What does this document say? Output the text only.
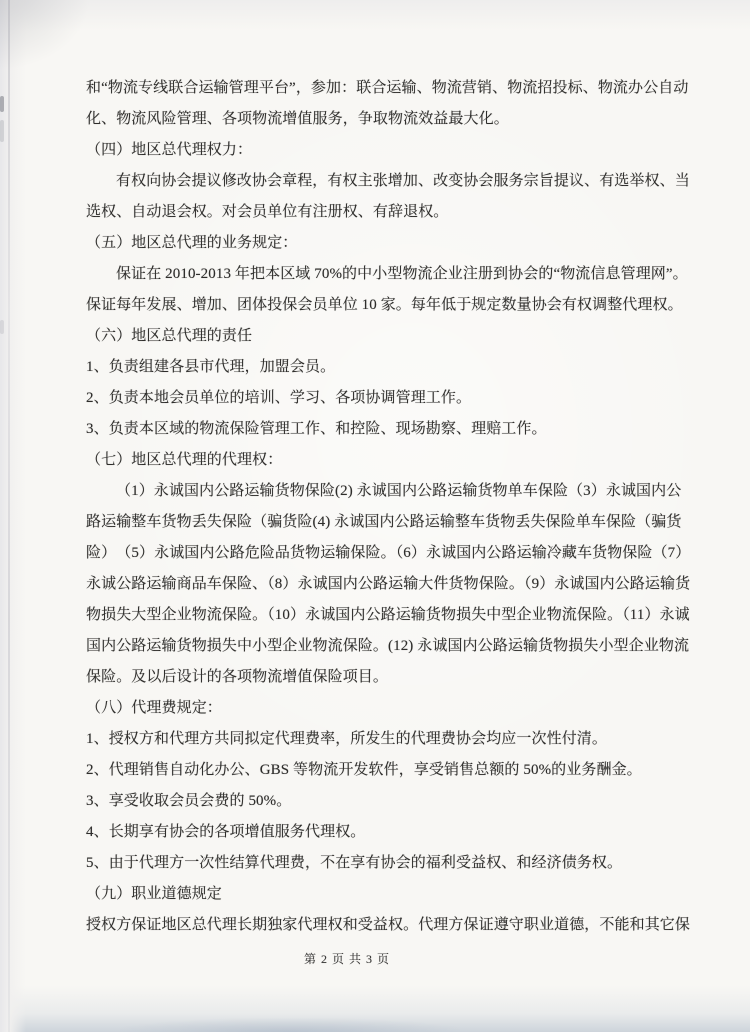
和“物流专线联合运输管理平台”，参加：联合运输、物流营销、物流招投标、物流办公自动

化、物流风险管理、各项物流增值服务，争取物流效益最大化。

（四）地区总代理权力：

有权向协会提议修改协会章程，有权主张增加、改变协会服务宗旨提议、有选举权、当

选权、自动退会权。对会员单位有注册权、有辞退权。

（五）地区总代理的业务规定：

保证在 2010-2013 年把本区域 70%的中小型物流企业注册到协会的“物流信息管理网”。

保证每年发展、增加、团体投保会员单位 10 家。每年低于规定数量协会有权调整代理权。

（六）地区总代理的责任

1、负责组建各县市代理，加盟会员。

2、负责本地会员单位的培训、学习、各项协调管理工作。

3、负责本区域的物流保险管理工作、和控险、现场勘察、理赔工作。

（七）地区总代理的代理权：

（1）永诚国内公路运输货物保险(2) 永诚国内公路运输货物单车保险（3）永诚国内公

路运输整车货物丢失保险（骗货险(4) 永诚国内公路运输整车货物丢失保险单车保险（骗货

险）　（5）永诚国内公路危险品货物运输保险。（6）永诚国内公路运输冷藏车货物保险（7）

永诚公路运输商品车保险、（8）永诚国内公路运输大件货物保险。（9）永诚国内公路运输货

物损失大型企业物流保险。（10）永诚国内公路运输货物损失中型企业物流保险。（11）永诚

国内公路运输货物损失中小型企业物流保险。(12) 永诚国内公路运输货物损失小型企业物流

保险。及以后设计的各项物流增值保险项目。

（八）代理费规定：

1、授权方和代理方共同拟定代理费率，所发生的代理费协会均应一次性付清。

2、代理销售自动化办公、GBS 等物流开发软件，享受销售总额的 50%的业务酬金。

3、享受收取会员会费的 50%。

4、长期享有协会的各项增值服务代理权。

5、由于代理方一次性结算代理费，不在享有协会的福利受益权、和经济债务权。

（九）职业道德规定

授权方保证地区总代理长期独家代理权和受益权。代理方保证遵守职业道德，不能和其它保

第 2 页 共 3 页
